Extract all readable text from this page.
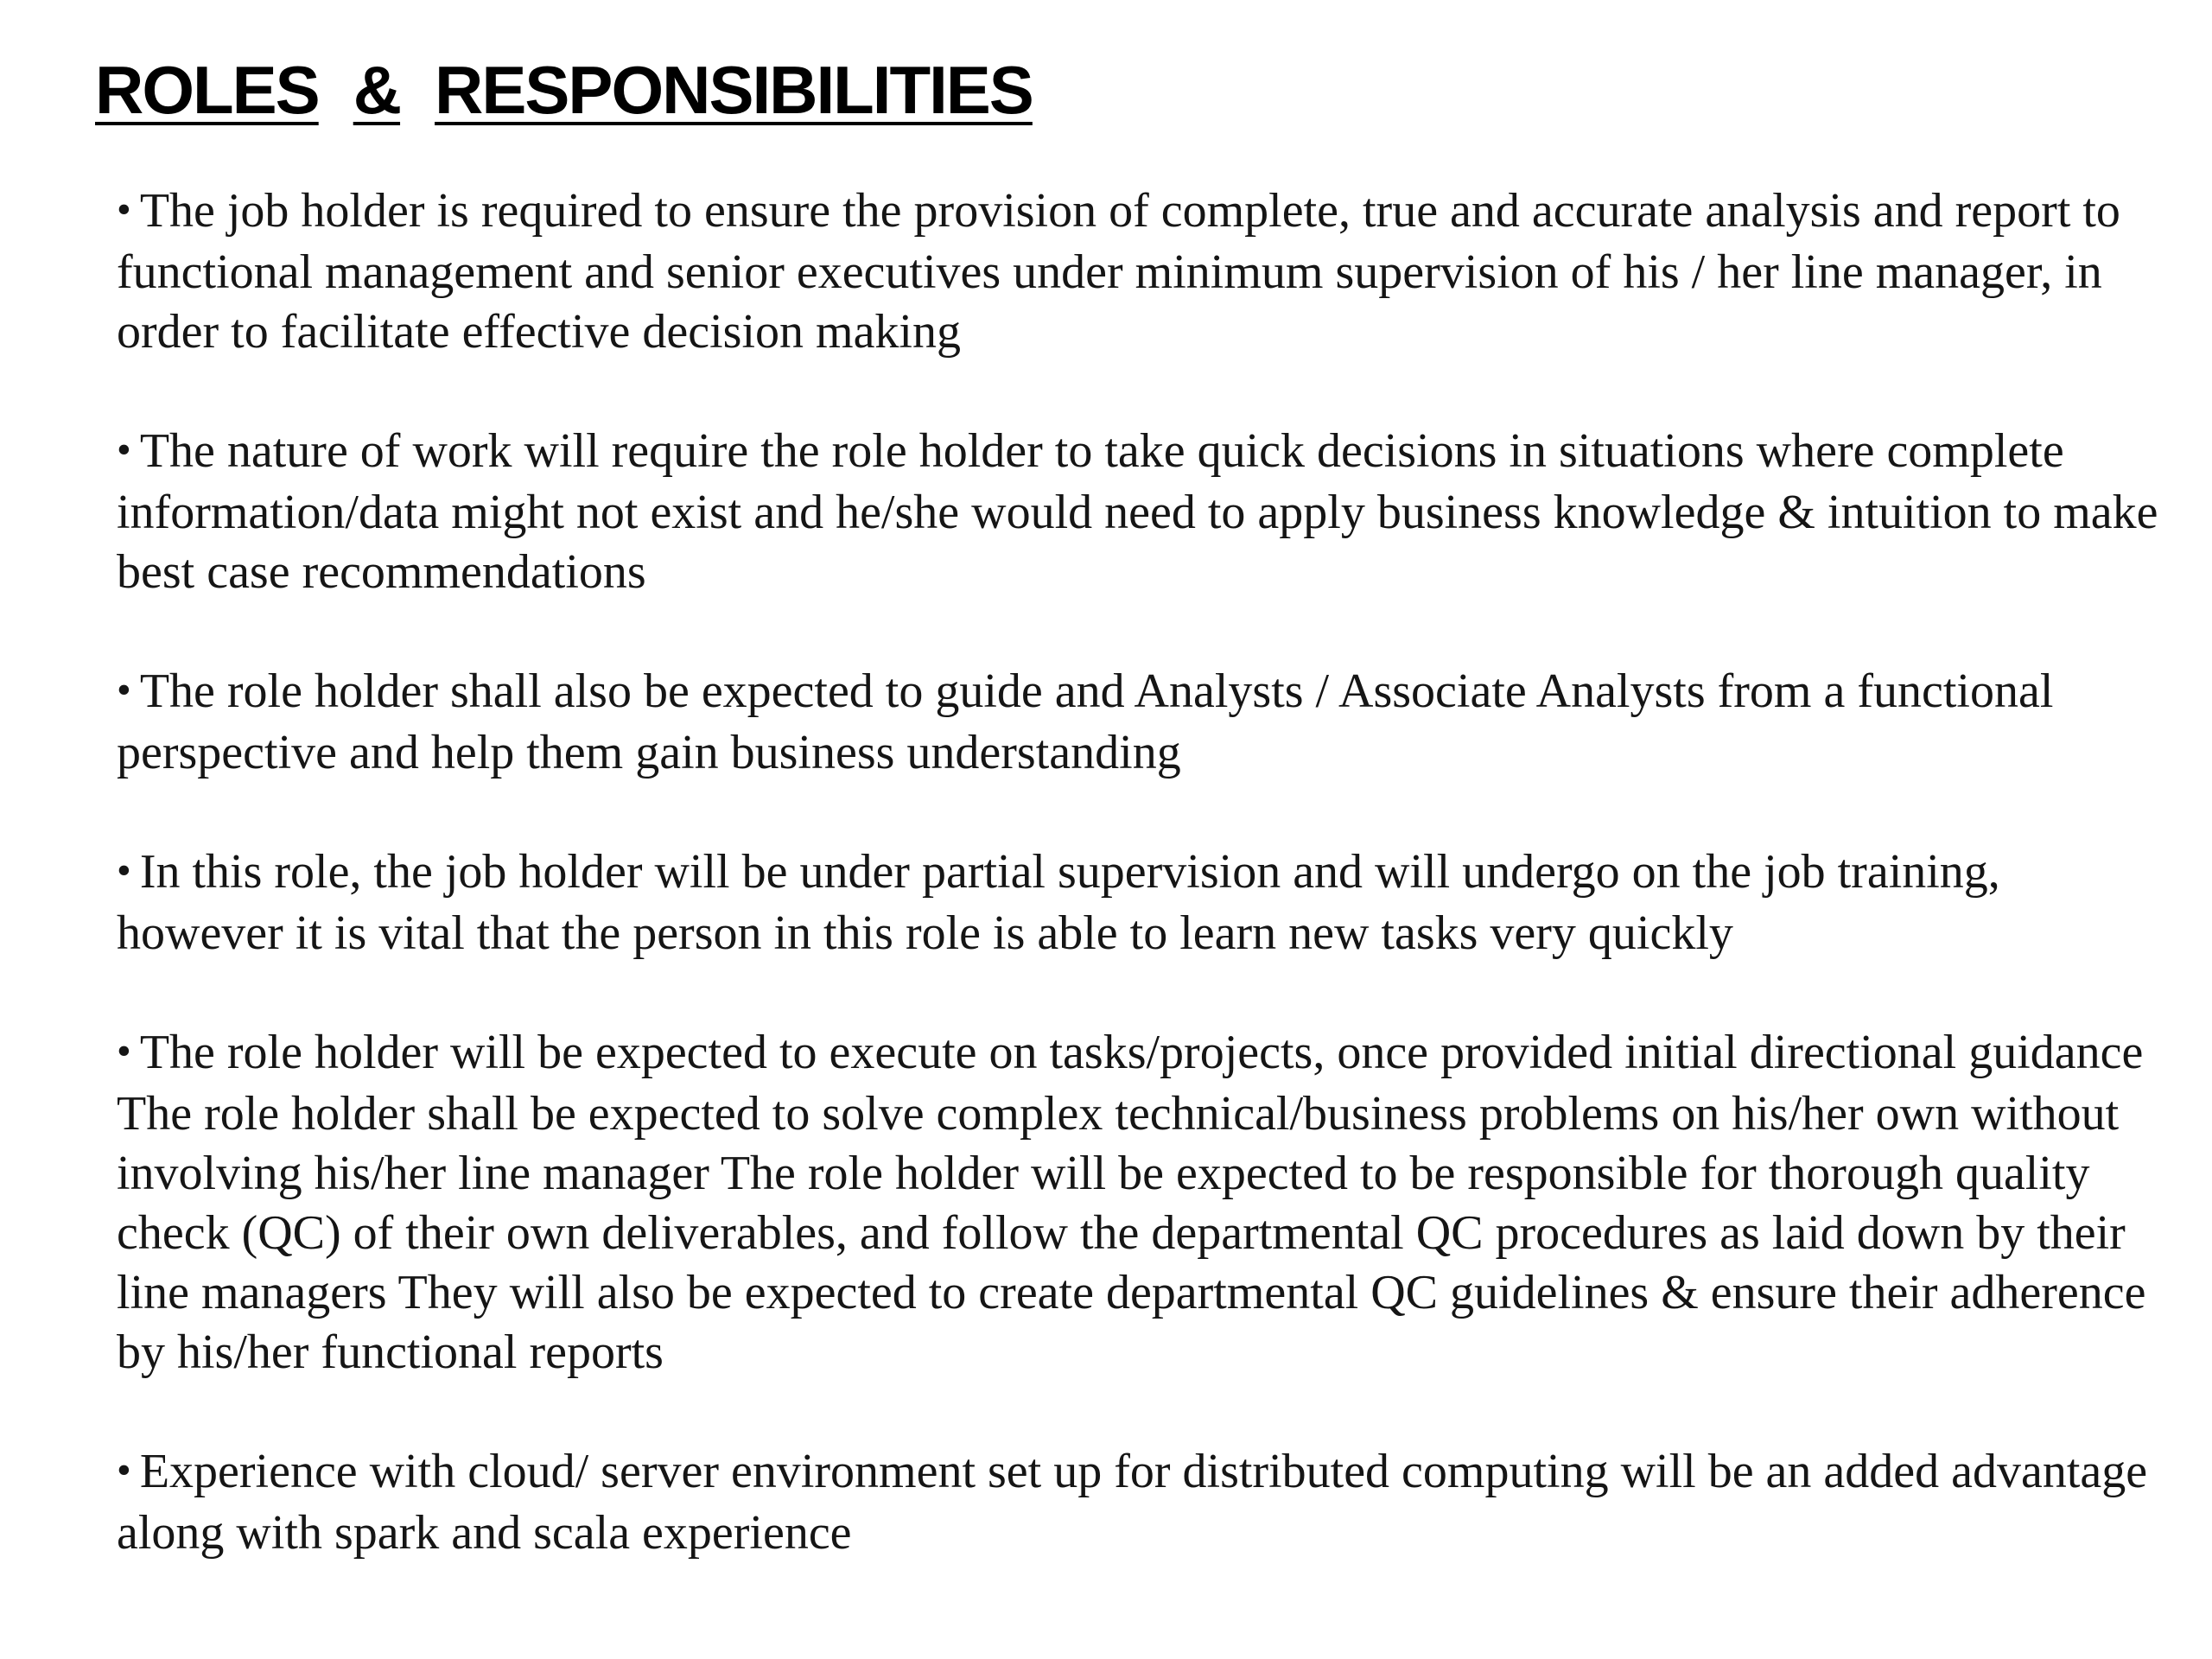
ROLES & RESPONSIBILITIES
• The job holder is required to ensure the provision of complete, true and accurate analysis and report to functional management and senior executives under minimum supervision of his / her line manager, in order to facilitate effective decision making
• The nature of work will require the role holder to take quick decisions in situations where complete information/data might not exist and he/she would need to apply business knowledge & intuition to make best case recommendations
• The role holder shall also be expected to guide and Analysts / Associate Analysts from a functional perspective and help them gain business understanding
• In this role, the job holder will be under partial supervision and will undergo on the job training, however it is vital that the person in this role is able to learn new tasks very quickly
• The role holder will be expected to execute on tasks/projects, once provided initial directional guidance The role holder shall be expected to solve complex technical/business problems on his/her own without involving his/her line manager The role holder will be expected to be responsible for thorough quality check (QC) of their own deliverables, and follow the departmental QC procedures as laid down by their line managers They will also be expected to create departmental QC guidelines & ensure their adherence by his/her functional reports
• Experience with cloud/ server environment set up for distributed computing will be an added advantage along with spark and scala experience
